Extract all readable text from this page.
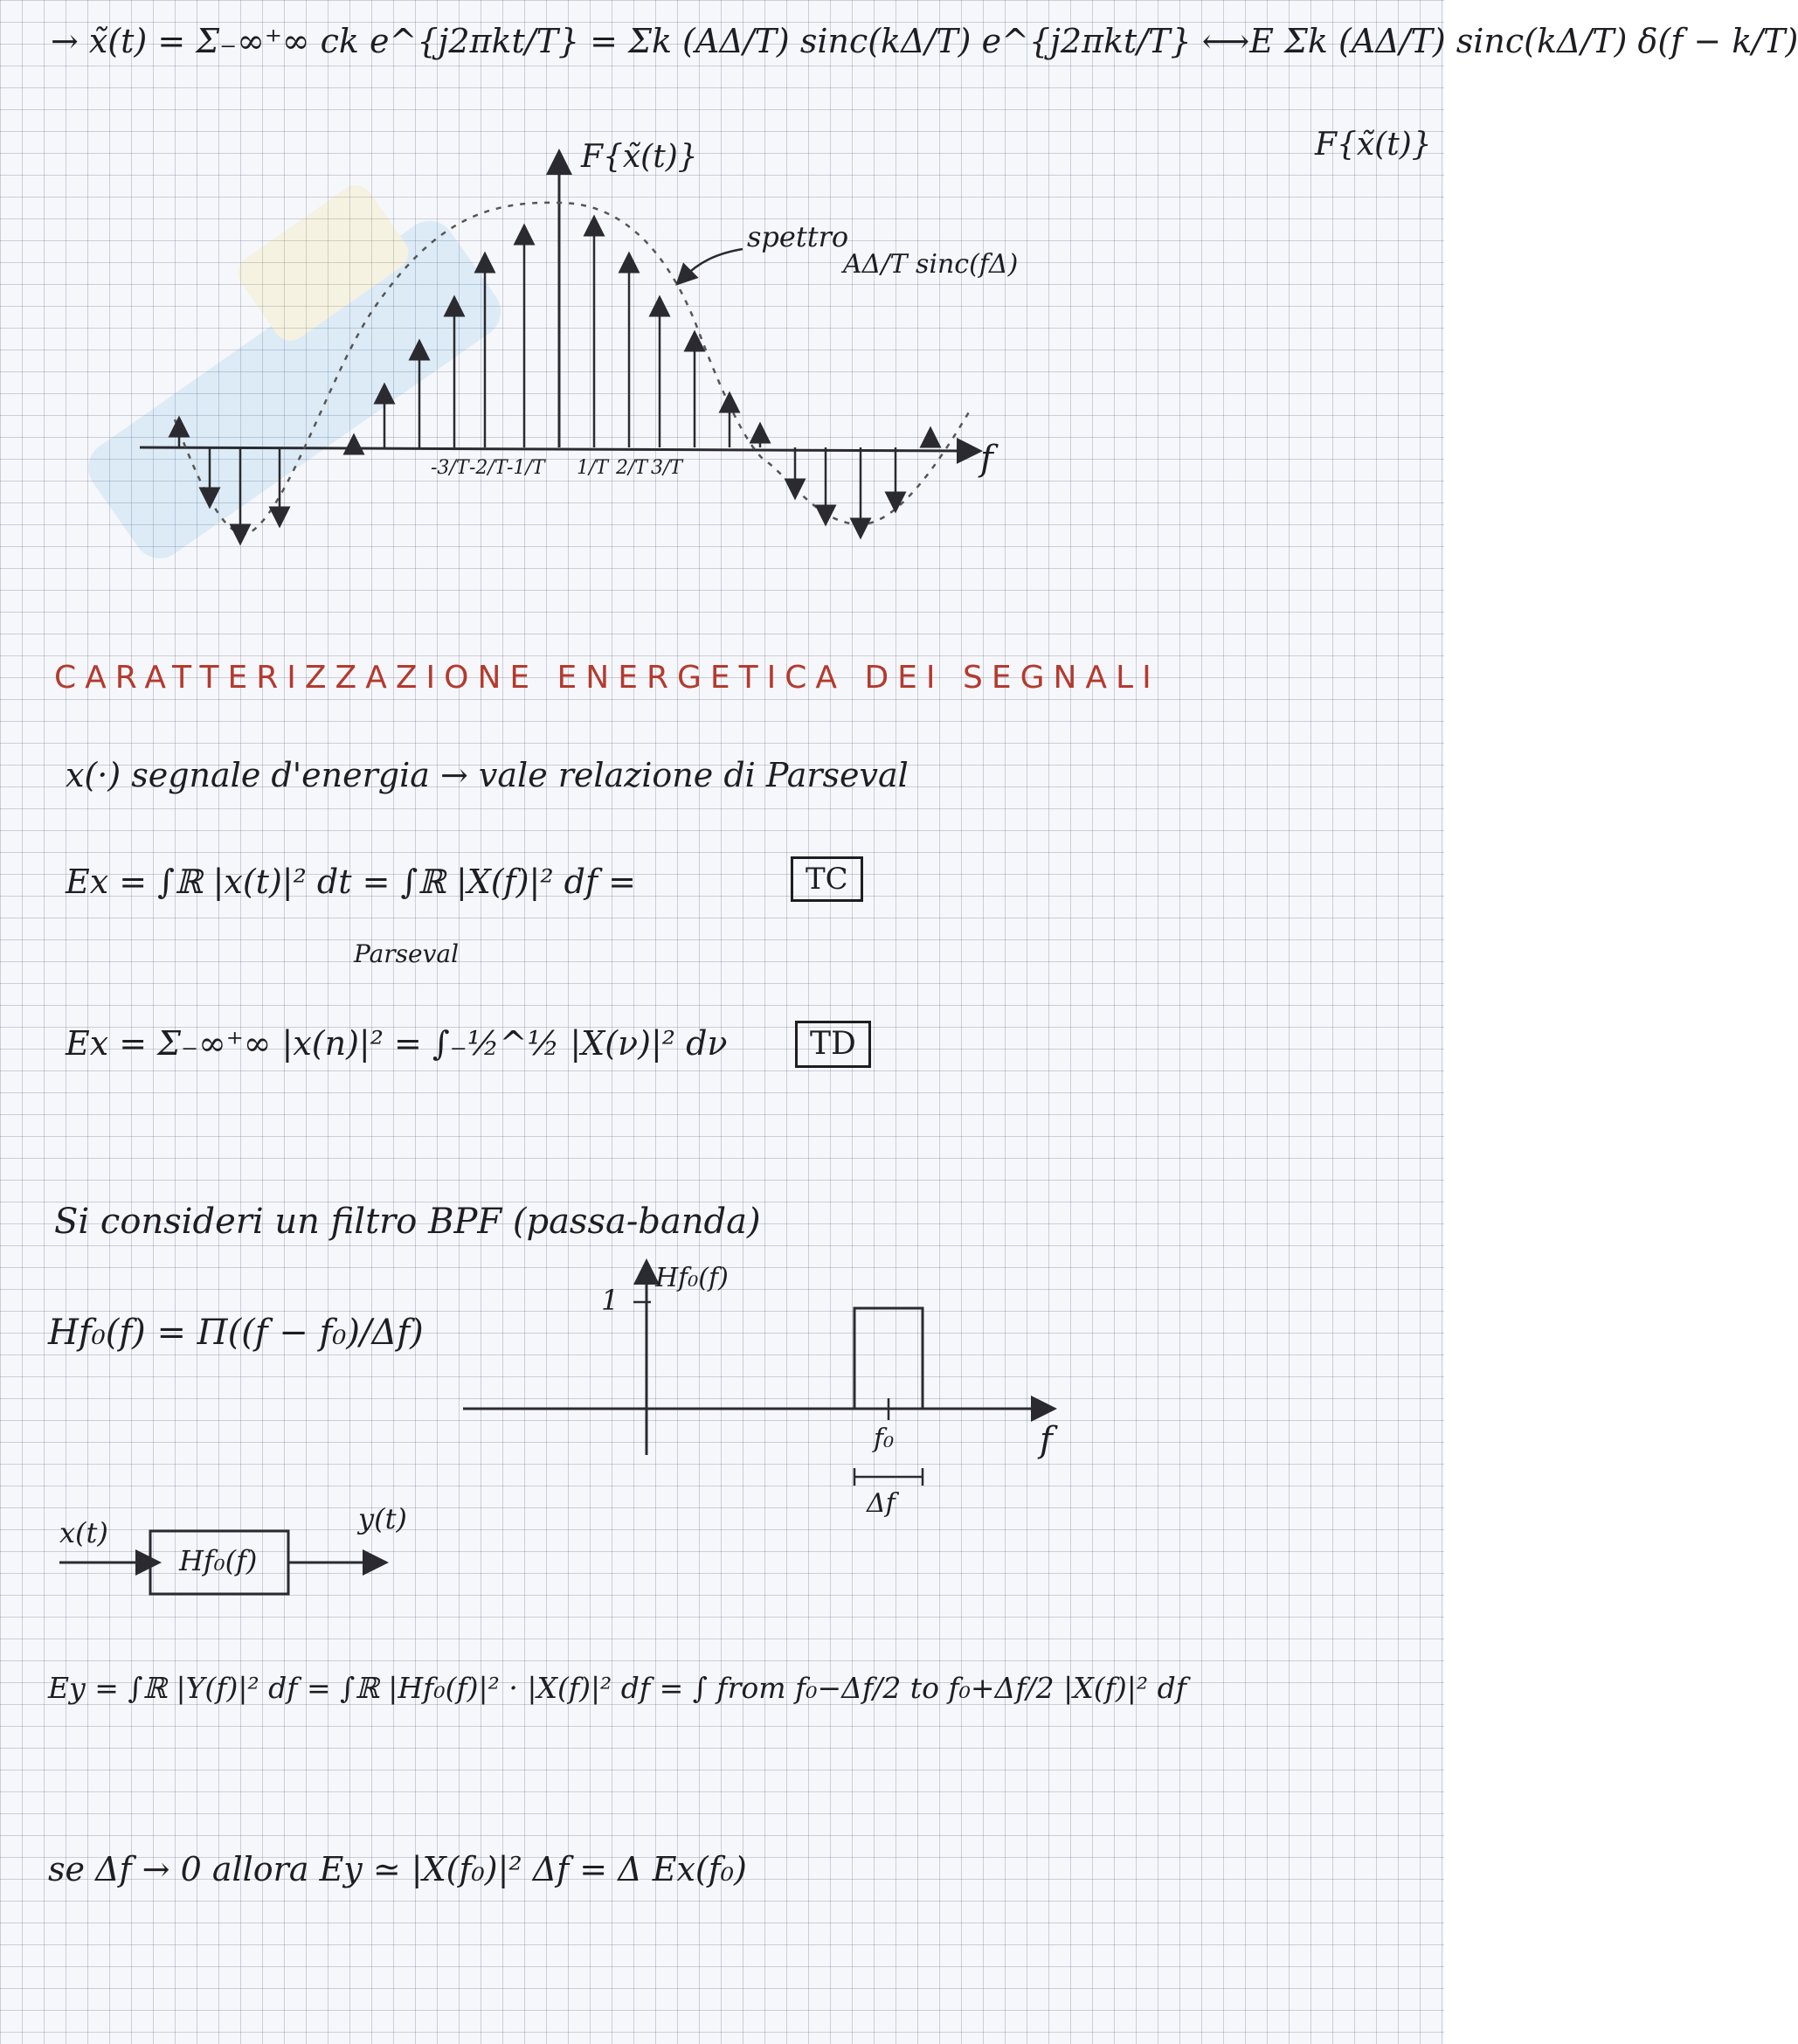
→ x̃(t) = Σ₋∞⁺∞ ck e^{j2πkt/T} = Σk (AΔ/T) sinc(kΔ/T) e^{j2πkt/T} ⟷E Σk (AΔ/T) sinc(kΔ/T) δ(f − k/T)
F{x̃(t)}
F{x̃(t)}
f
spettro
AΔ/T sinc(fΔ)
-3/T -2/T -1/T 1/T 2/T 3/T
CARATTERIZZAZIONE ENERGETICA DEI SEGNALI
x(·) segnale d'energia → vale relazione di Parseval
Ex = ∫ℝ |x(t)|² dt = ∫ℝ |X(f)|² df =	TC
Parseval
Ex = Σ₋∞⁺∞ |x(n)|² = ∫₋½^½ |X(ν)|² dν	TD
Si consideri un filtro BPF (passa-banda)
Hf₀(f) = Π((f − f₀)/Δf)
Hf₀(f)
1
f
f₀
Δf
x(t)
Hf₀(f)
y(t)
Ey = ∫ℝ |Y(f)|² df = ∫ℝ |Hf₀(f)|² · |X(f)|² df = ∫ from f₀−Δf/2 to f₀+Δf/2 |X(f)|² df
se Δf → 0 allora Ey ≃ |X(f₀)|² Δf = Δ Ex(f₀)
